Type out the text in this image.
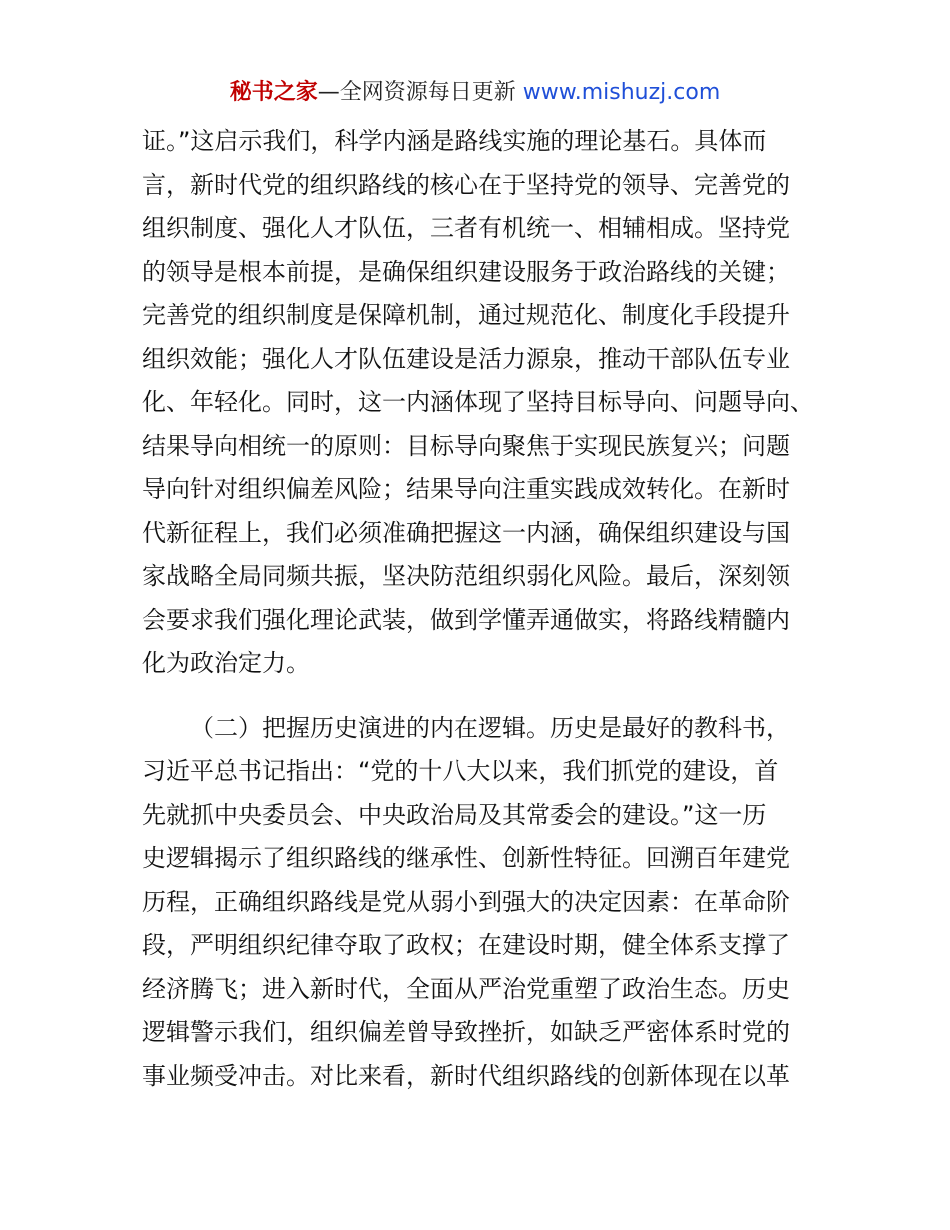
秘书之家—全网资源每日更新 www.mishuzj.com
证。”这启示我们，科学内涵是路线实施的理论基石。具体而
言，新时代党的组织路线的核心在于坚持党的领导、完善党的
组织制度、强化人才队伍，三者有机统一、相辅相成。坚持党
的领导是根本前提，是确保组织建设服务于政治路线的关键；
完善党的组织制度是保障机制，通过规范化、制度化手段提升
组织效能；强化人才队伍建设是活力源泉，推动干部队伍专业
化、年轻化。同时，这一内涵体现了坚持目标导向、问题导向、
结果导向相统一的原则：目标导向聚焦于实现民族复兴；问题
导向针对组织偏差风险；结果导向注重实践成效转化。在新时
代新征程上，我们必须准确把握这一内涵，确保组织建设与国
家战略全局同频共振，坚决防范组织弱化风险。最后，深刻领
会要求我们强化理论武装，做到学懂弄通做实，将路线精髓内
化为政治定力。
（二）把握历史演进的内在逻辑。历史是最好的教科书，
习近平总书记指出：“党的十八大以来，我们抓党的建设，首
先就抓中央委员会、中央政治局及其常委会的建设。”这一历
史逻辑揭示了组织路线的继承性、创新性特征。回溯百年建党
历程，正确组织路线是党从弱小到强大的决定因素：在革命阶
段，严明组织纪律夺取了政权；在建设时期，健全体系支撑了
经济腾飞；进入新时代，全面从严治党重塑了政治生态。历史
逻辑警示我们，组织偏差曾导致挫折，如缺乏严密体系时党的
事业频受冲击。对比来看，新时代组织路线的创新体现在以革
